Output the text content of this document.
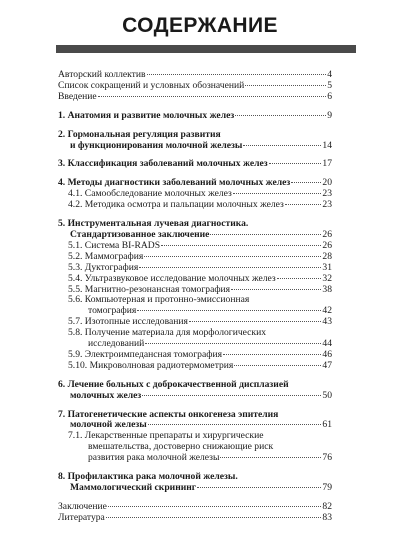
СОДЕРЖАНИЕ
Авторский коллектив	4
Список сокращений и условных обозначений	5
Введение	6
1. Анатомия и развитие молочных желез	9
2. Гормональная регуляция развития
и функционирования молочной железы	14
3. Классификация заболеваний молочных желез	17
4. Методы диагностики заболеваний молочных желез	20
4.1. Самообследование молочных желез	23
4.2. Методика осмотра и пальпации молочных желез	23
5. Инструментальная лучевая диагностика.
Стандартизованное заключение	26
5.1. Система BI-RADS	26
5.2. Маммография	28
5.3. Дуктография	31
5.4. Ультразвуковое исследование молочных желез	32
5.5. Магнитно-резонансная томография	38
5.6. Компьютерная и протонно-эмиссионная
томография	42
5.7. Изотопные исследования	43
5.8. Получение материала для морфологических
исследований	44
5.9. Электроимпедансная томография	46
5.10. Микроволновая радиотермометрия	47
6. Лечение больных с доброкачественной дисплазией
молочных желез	50
7. Патогенетические аспекты онкогенеза эпителия
молочной железы	61
7.1. Лекарственные препараты и хирургические
вмешательства, достоверно снижающие риск
развития рака молочной железы	76
8. Профилактика рака молочной железы.
Маммологический скрининг	79
Заключение	82
Литература	83
